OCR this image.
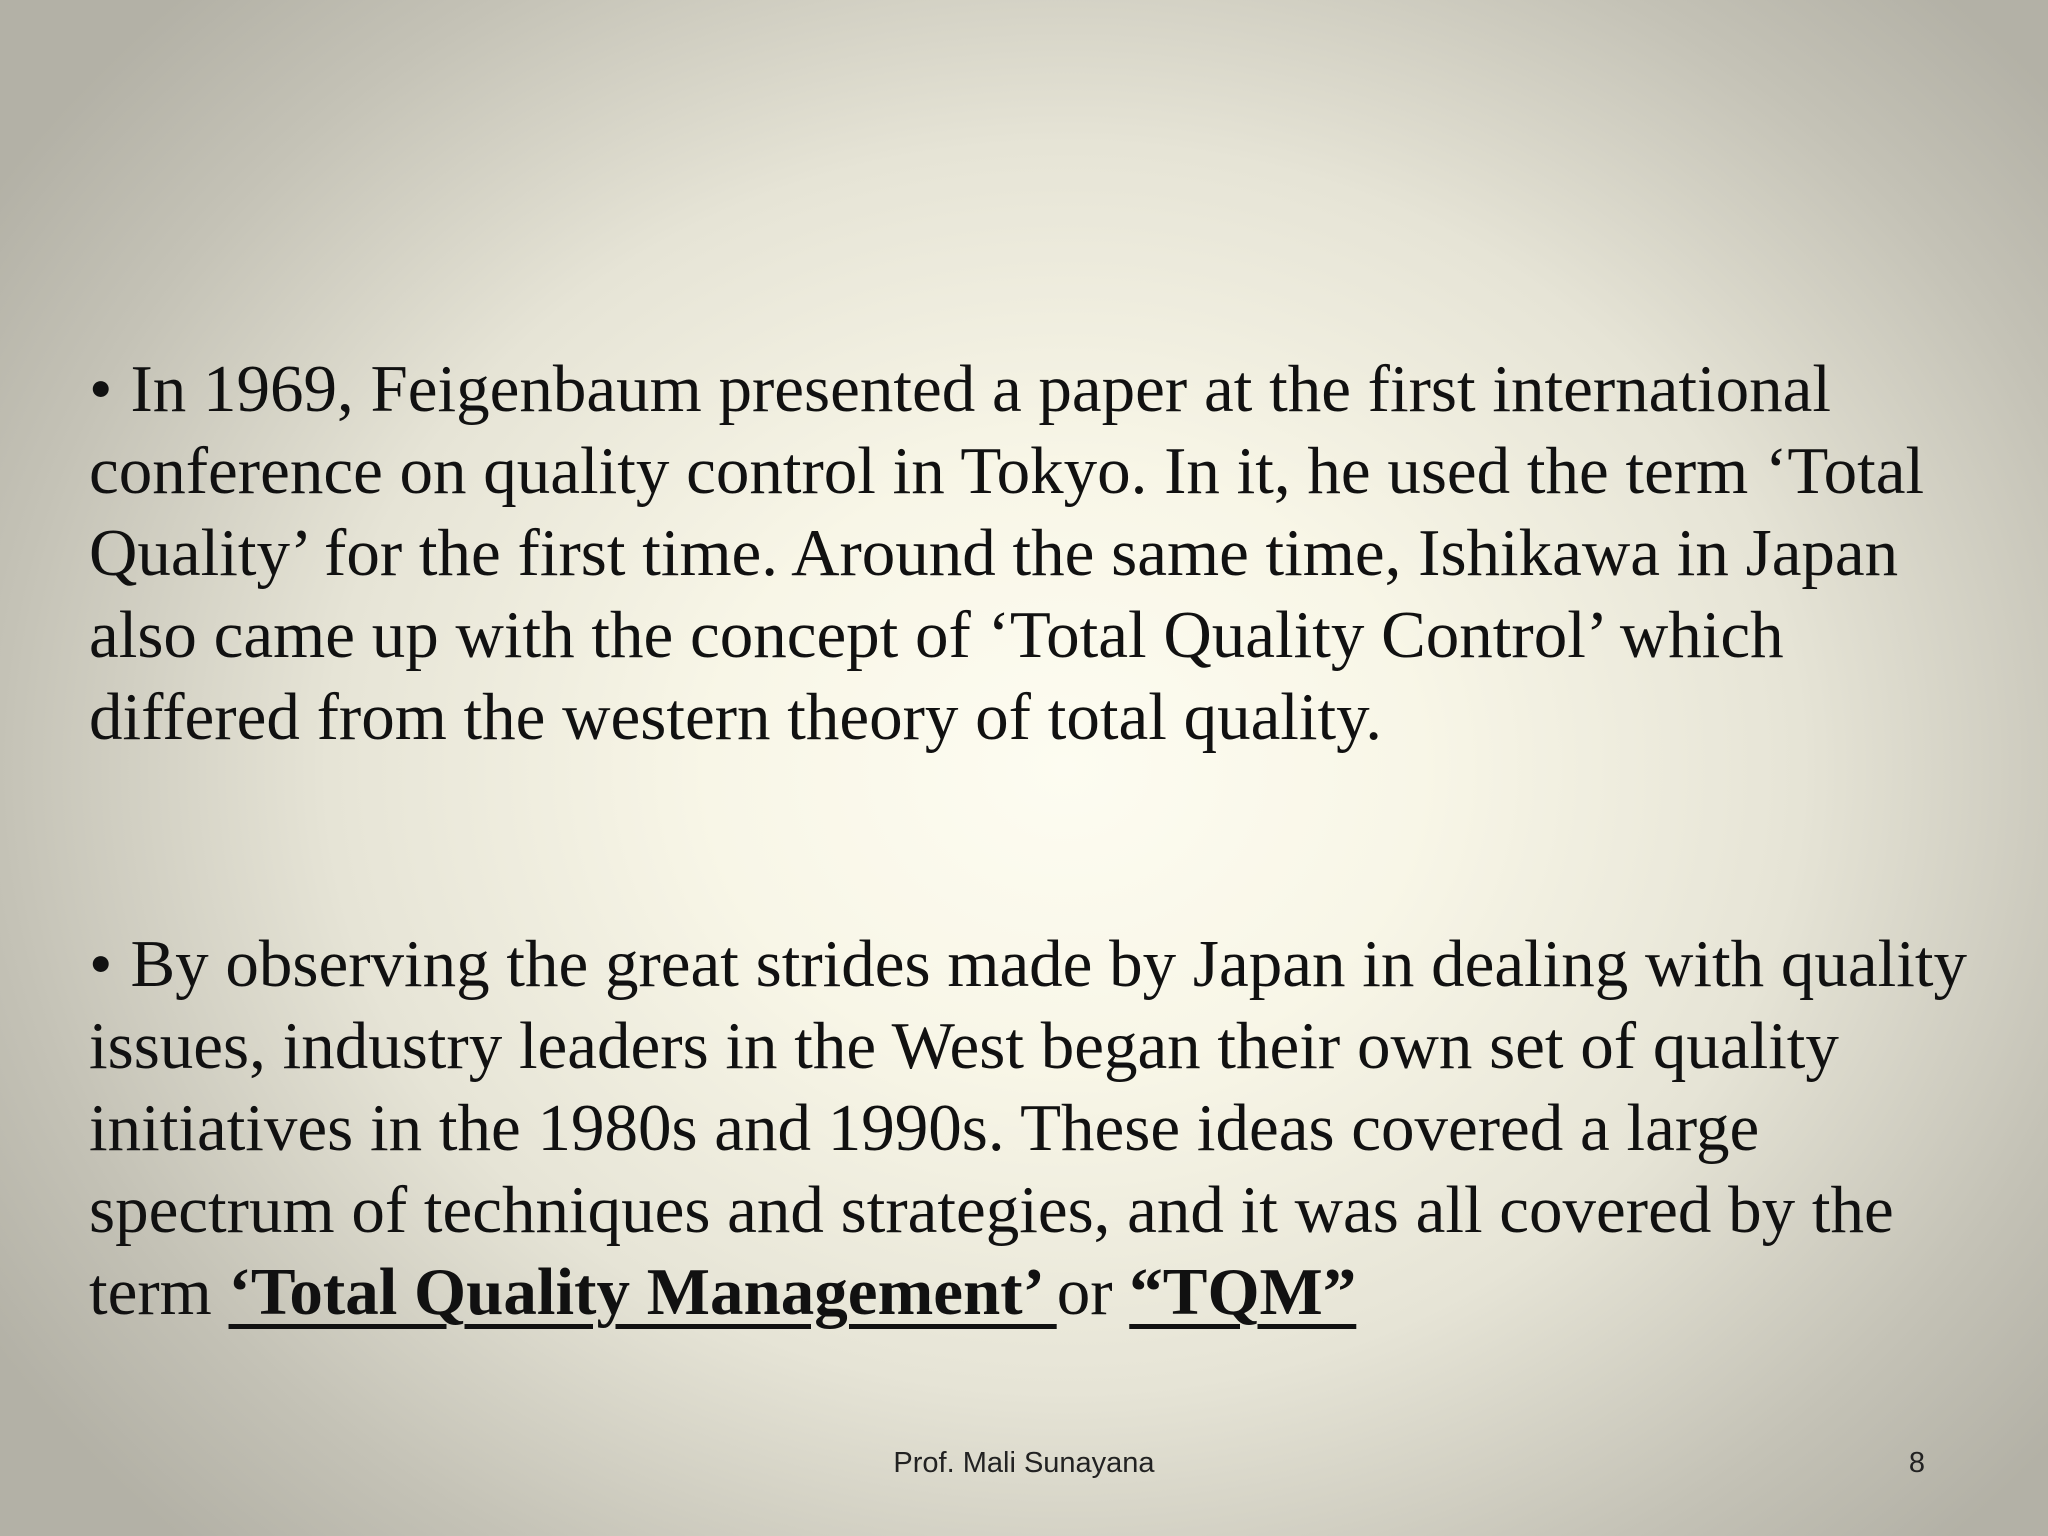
• In 1969, Feigenbaum presented a paper at the first international conference on quality control in Tokyo. In it, he used the term ‘Total Quality’ for the first time. Around the same time, Ishikawa in Japan also came up with the concept of ‘Total Quality Control’ which differed from the western theory of total quality.

• By observing the great strides made by Japan in dealing with quality issues, industry leaders in the West began their own set of quality initiatives in the 1980s and 1990s. These ideas covered a large spectrum of techniques and strategies, and it was all covered by the term ‘Total Quality Management’ or “TQM”

Prof. Mali Sunayana	8
